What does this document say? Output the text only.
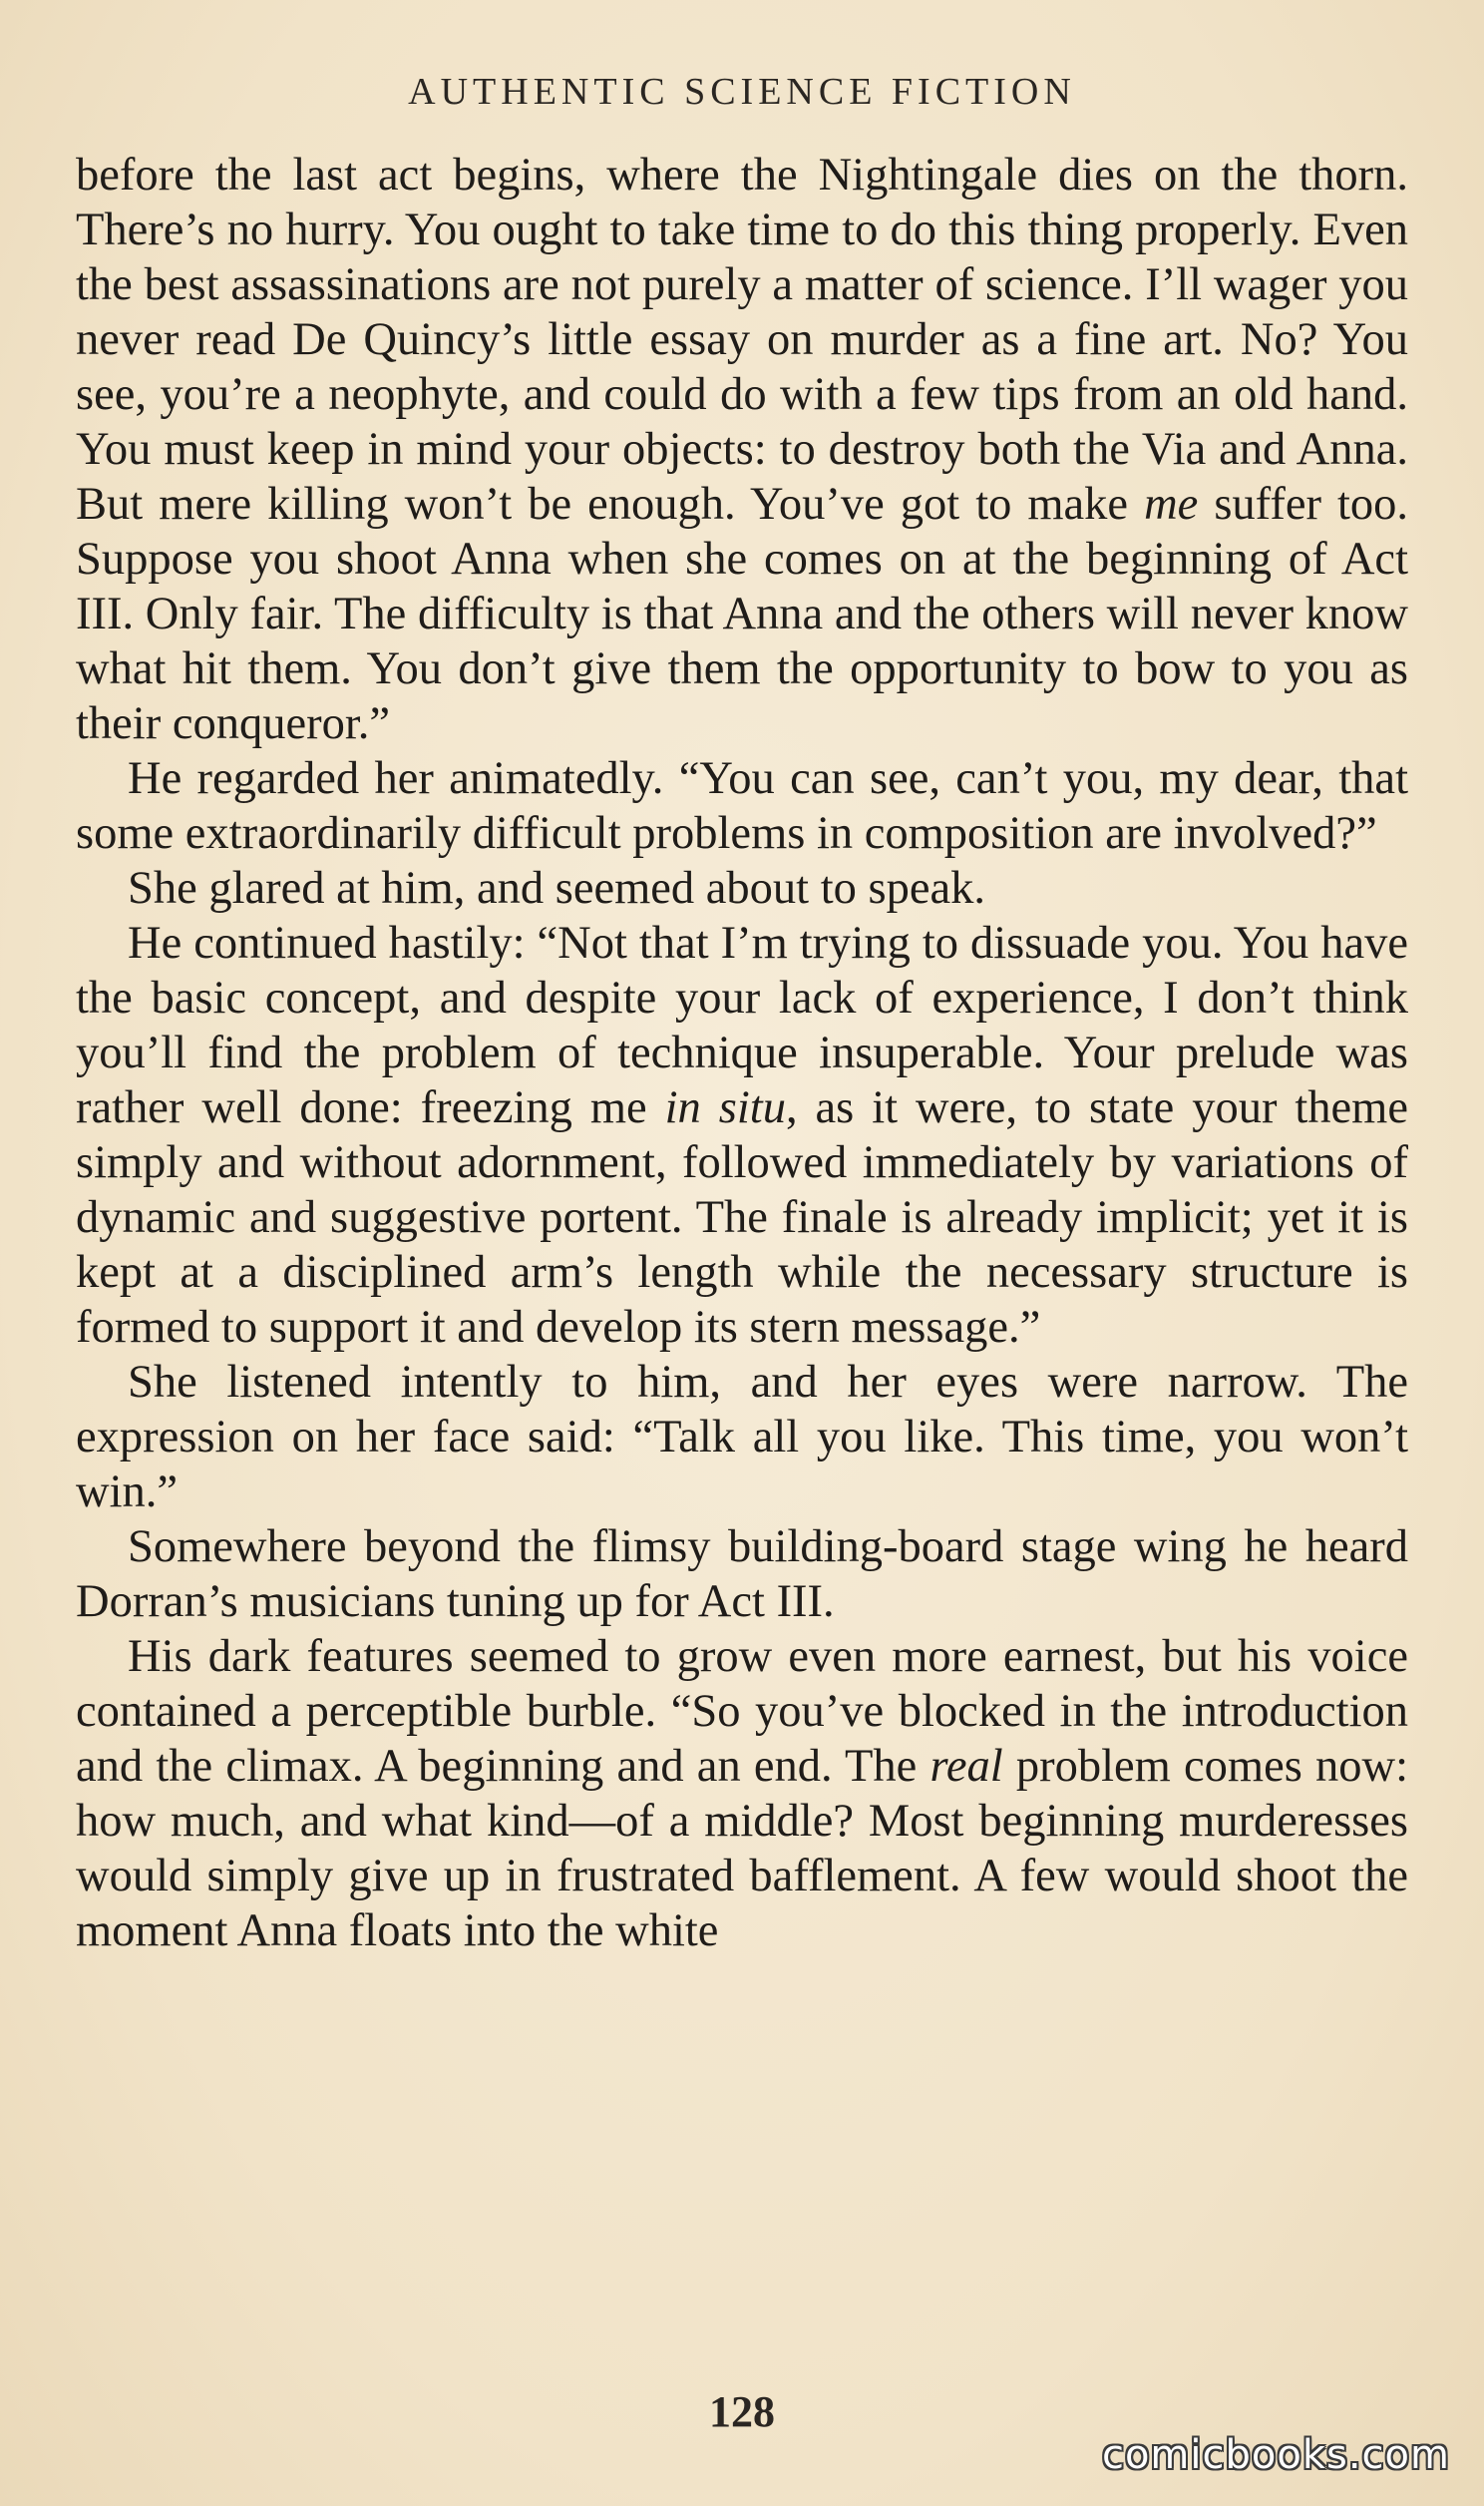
AUTHENTIC SCIENCE FICTION

before the last act begins, where the Nightingale dies on the thorn. There’s no hurry. You ought to take time to do this thing properly. Even the best assassinations are not purely a matter of science. I’ll wager you never read De Quincy’s little essay on murder as a fine art. No? You see, you’re a neophyte, and could do with a few tips from an old hand. You must keep in mind your objects: to destroy both the Via and Anna. But mere killing won’t be enough. You’ve got to make me suffer too. Suppose you shoot Anna when she comes on at the beginning of Act III. Only fair. The difficulty is that Anna and the others will never know what hit them. You don’t give them the opportunity to bow to you as their conqueror.”

He regarded her animatedly. “You can see, can’t you, my dear, that some extraordinarily difficult problems in composition are involved?”

She glared at him, and seemed about to speak.

He continued hastily: “Not that I’m trying to dissuade you. You have the basic concept, and despite your lack of experience, I don’t think you’ll find the problem of technique insuperable. Your prelude was rather well done: freezing me in situ, as it were, to state your theme simply and without adornment, followed immediately by variations of dynamic and suggestive portent. The finale is already implicit; yet it is kept at a disciplined arm’s length while the necessary structure is formed to support it and develop its stern message.”

She listened intently to him, and her eyes were narrow. The expression on her face said: “Talk all you like. This time, you won’t win.”

Somewhere beyond the flimsy building-board stage wing he heard Dorran’s musicians tuning up for Act III.

His dark features seemed to grow even more earnest, but his voice contained a perceptible burble. “So you’ve blocked in the introduction and the climax. A beginning and an end. The real problem comes now: how much, and what kind—of a middle? Most beginning murderesses would simply give up in frustrated bafflement. A few would shoot the moment Anna floats into the white

128
comicbooks.com
